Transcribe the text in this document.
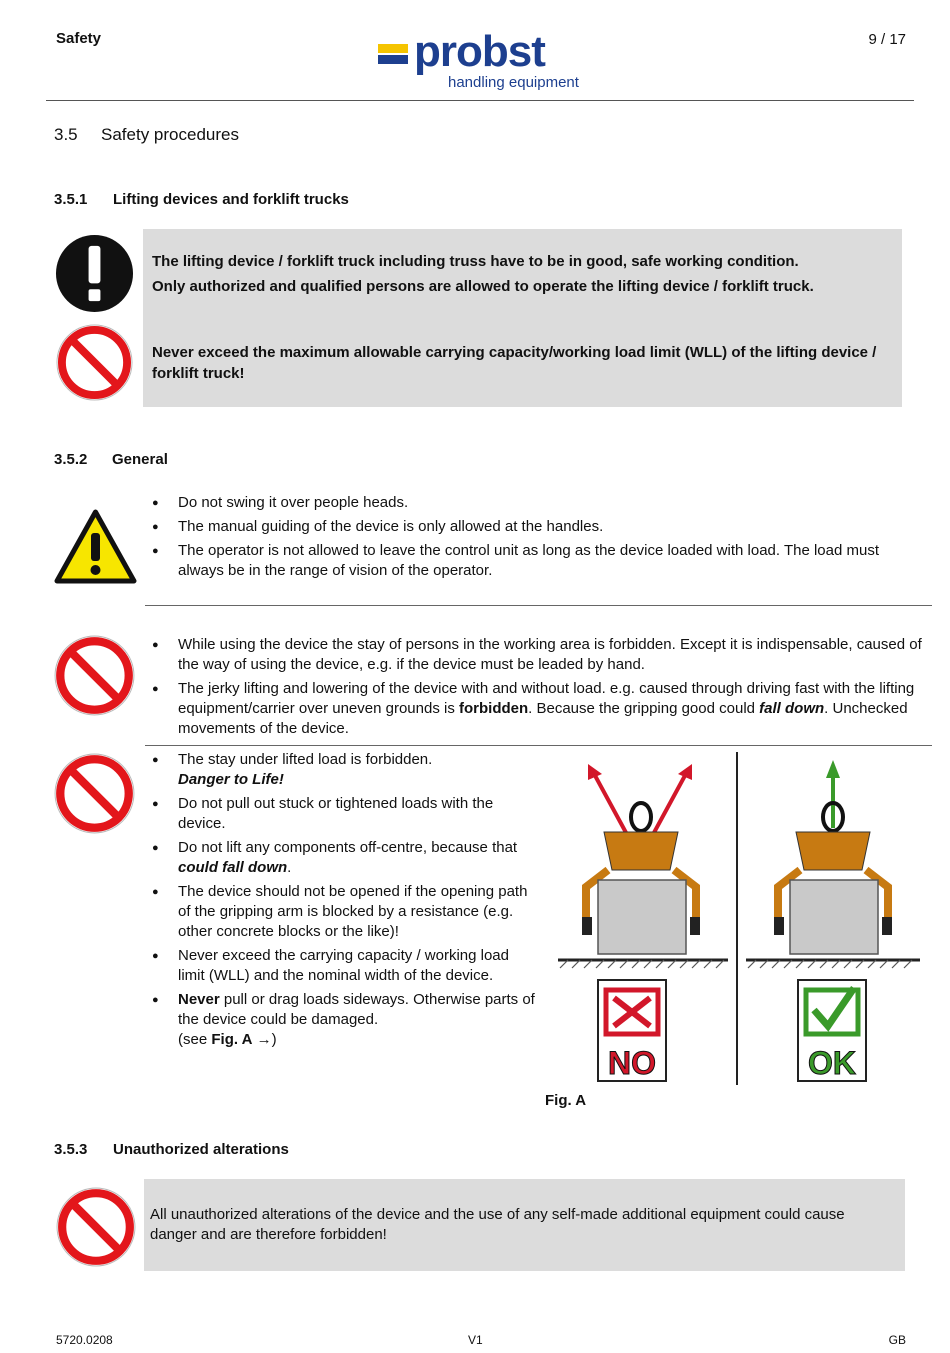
Safety	9 / 17
probst
handling equipment
3.5 Safety procedures
3.5.1 Lifting devices and forklift trucks
The lifting device / forklift truck including truss have to be in good, safe working condition.
Only authorized and qualified persons are allowed to operate the lifting device / forklift truck.
Never exceed the maximum allowable carrying capacity/working load limit (WLL) of the lifting device / forklift truck!
3.5.2 General
● Do not swing it over people heads.
● The manual guiding of the device is only allowed at the handles.
● The operator is not allowed to leave the control unit as long as the device loaded with load. The load must always be in the range of vision of the operator.
● While using the device the stay of persons in the working area is forbidden. Except it is indispensable, caused of the way of using the device, e.g. if the device must be leaded by hand.
● The jerky lifting and lowering of the device with and without load. e.g. caused through driving fast with the lifting equipment/carrier over uneven grounds is forbidden. Because the gripping good could fall down. Unchecked movements of the device.
● The stay under lifted load is forbidden.
Danger to Life!
● Do not pull out stuck or tightened loads with the device.
● Do not lift any components off-centre, because that could fall down.
● The device should not be opened if the opening path of the gripping arm is blocked by a resistance (e.g. other concrete blocks or the like)!
● Never exceed the carrying capacity / working load limit (WLL) and the nominal width of the device.
● Never pull or drag loads sideways. Otherwise parts of the device could be damaged.
(see Fig. A →)
NO	OK
Fig. A
3.5.3 Unauthorized alterations
All unauthorized alterations of the device and the use of any self-made additional equipment could cause danger and are therefore forbidden!
5720.0208	V1	GB
